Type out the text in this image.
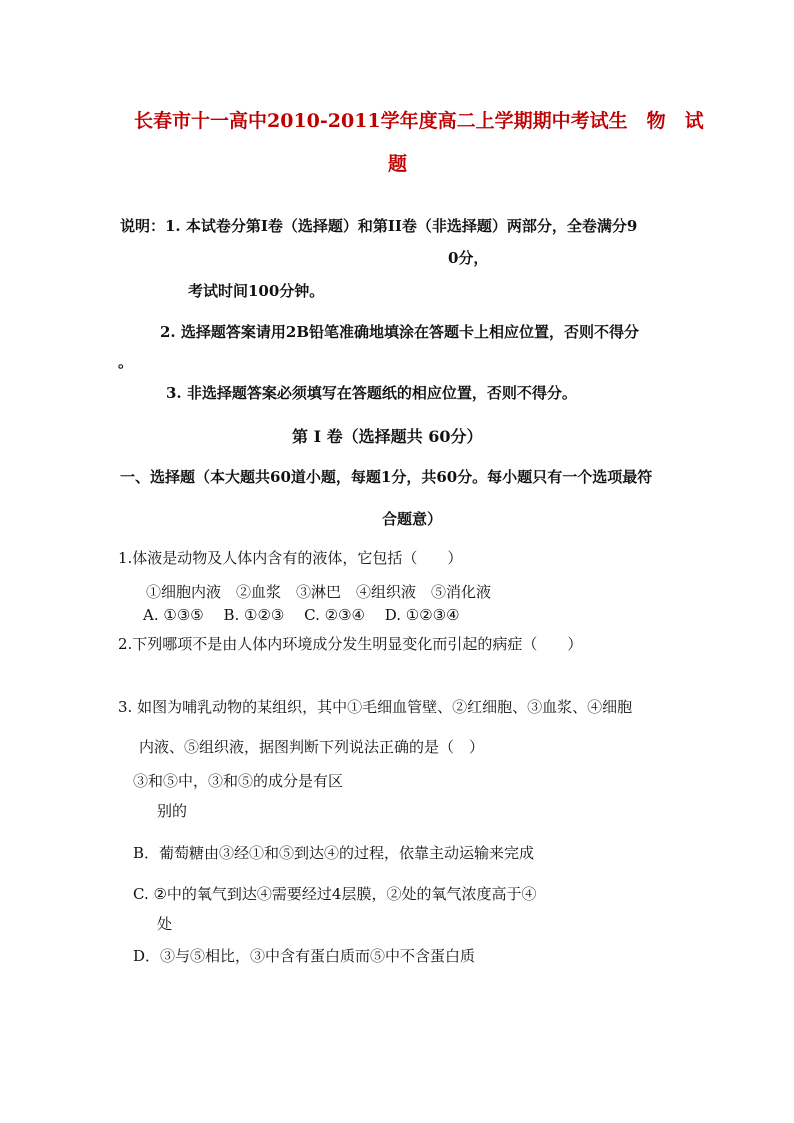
长春市十一高中2010-2011学年度高二上学期期中考试生　物　试
题
说明：1. 本试卷分第I卷（选择题）和第II卷（非选择题）两部分，全卷满分9
0分，
考试时间100分钟。
2. 选择题答案请用2B铅笔准确地填涂在答题卡上相应位置，否则不得分
。
3. 非选择题答案必须填写在答题纸的相应位置，否则不得分。
第 I 卷（选择题共 60分）
一、选择题（本大题共60道小题，每题1分，共60分。每小题只有一个选项最符
合题意）
1.体液是动物及人体内含有的液体，它包括（　　）
①细胞内液　②血浆　③淋巴　④组织液　⑤消化液
A. ①③⑤　 B. ①②③　 C. ②③④　 D. ①②③④
2.下列哪项不是由人体内环境成分发生明显变化而引起的病症（　　）
3. 如图为哺乳动物的某组织，其中①毛细血管壁、②红细胞、③血浆、④细胞
内液、⑤组织液，据图判断下列说法正确的是（　）
③和⑤中，③和⑤的成分是有区
别的
B．葡萄糖由③经①和⑤到达④的过程，依靠主动运输来完成
C. ②中的氧气到达④需要经过4层膜，②处的氧气浓度高于④
处
D．③与⑤相比，③中含有蛋白质而⑤中不含蛋白质
